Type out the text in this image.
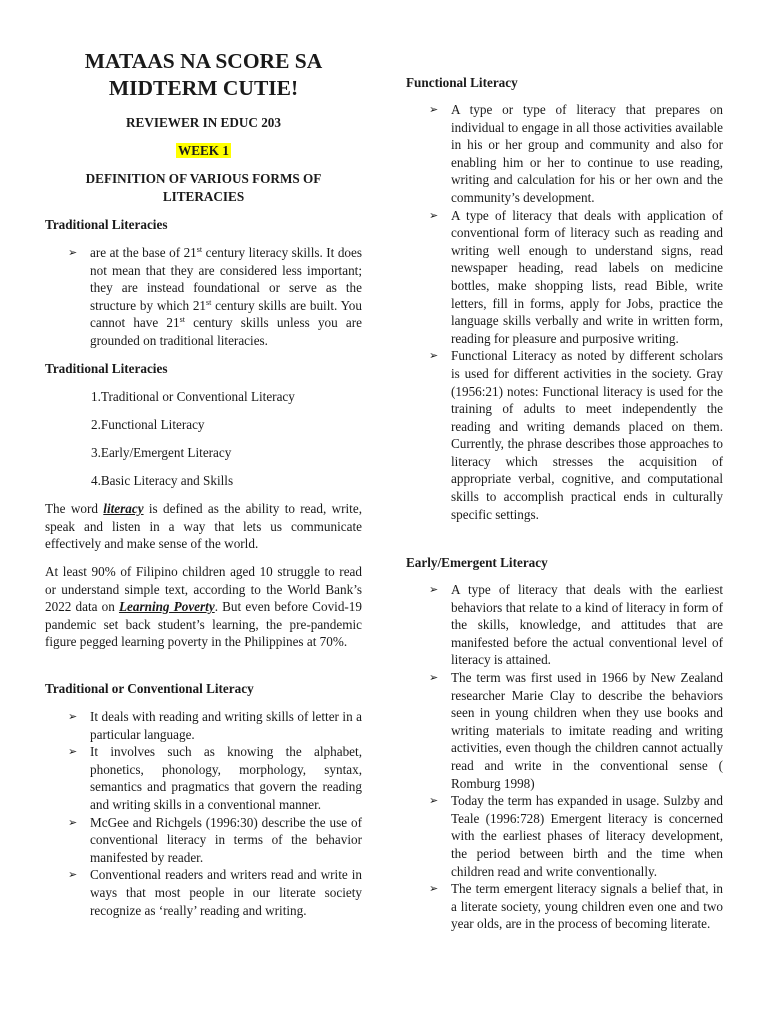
MATAAS NA SCORE SA MIDTERM CUTIE!

REVIEWER IN EDUC 203

WEEK 1

DEFINITION OF VARIOUS FORMS OF LITERACIES

Traditional Literacies

➢ are at the base of 21st century literacy skills. It does not mean that they are considered less important; they are instead foundational or serve as the structure by which 21st century skills are built. You cannot have 21st century skills unless you are grounded on traditional literacies.

Traditional Literacies

1.Traditional or Conventional Literacy
2.Functional Literacy
3.Early/Emergent Literacy
4.Basic Literacy and Skills

The word literacy is defined as the ability to read, write, speak and listen in a way that lets us communicate effectively and make sense of the world.

At least 90% of Filipino children aged 10 struggle to read or understand simple text, according to the World Bank’s 2022 data on Learning Poverty. But even before Covid-19 pandemic set back student’s learning, the pre-pandemic figure pegged learning poverty in the Philippines at 70%.

Traditional or Conventional Literacy

➢ It deals with reading and writing skills of letter in a particular language.
➢ It involves such as knowing the alphabet, phonetics, phonology, morphology, syntax, semantics and pragmatics that govern the reading and writing skills in a conventional manner.
➢ McGee and Richgels (1996:30) describe the use of conventional literacy in terms of the behavior manifested by reader.
➢ Conventional readers and writers read and write in ways that most people in our literate society recognize as ‘really’ reading and writing.

Functional Literacy

➢ A type or type of literacy that prepares on individual to engage in all those activities available in his or her group and community and also for enabling him or her to continue to use reading, writing and calculation for his or her own and the community’s development.
➢ A type of literacy that deals with application of conventional form of literacy such as reading and writing well enough to understand signs, read newspaper heading, read labels on medicine bottles, make shopping lists, read Bible, write letters, fill in forms, apply for Jobs, practice the language skills verbally and write in written form, reading for pleasure and purposive writing.
➢ Functional Literacy as noted by different scholars is used for different activities in the society. Gray (1956:21) notes: Functional literacy is used for the training of adults to meet independently the reading and writing demands placed on them. Currently, the phrase describes those approaches to literacy which stresses the acquisition of appropriate verbal, cognitive, and computational skills to accomplish practical ends in culturally specific settings.

Early/Emergent Literacy

➢ A type of literacy that deals with the earliest behaviors that relate to a kind of literacy in form of the skills, knowledge, and attitudes that are manifested before the actual conventional level of literacy is attained.
➢ The term was first used in 1966 by New Zealand researcher Marie Clay to describe the behaviors seen in young children when they use books and writing materials to imitate reading and writing activities, even though the children cannot actually read and write in the conventional sense ( Romburg 1998)
➢ Today the term has expanded in usage. Sulzby and Teale (1996:728) Emergent literacy is concerned with the earliest phases of literacy development, the period between birth and the time when children read and write conventionally.
➢ The term emergent literacy signals a belief that, in a literate society, young children even one and two year olds, are in the process of becoming literate.
